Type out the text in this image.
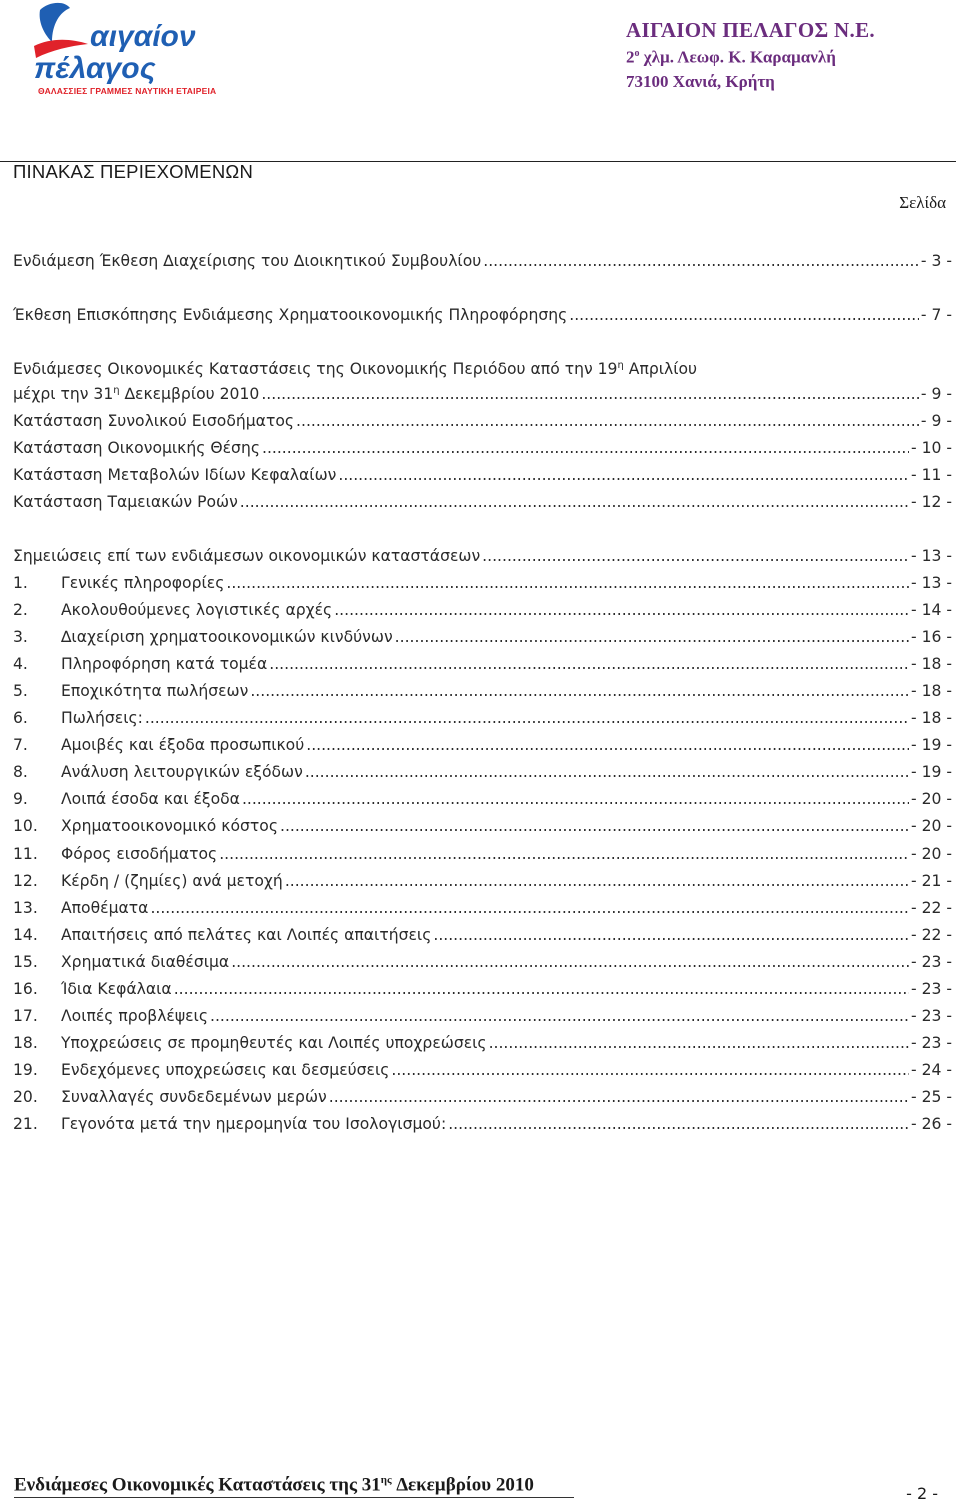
αιγαίον
πέλαγος
ΘΑΛΑΣΣΙΕΣ ΓΡΑΜΜΕΣ ΝΑΥΤΙΚΗ ΕΤΑΙΡΕΙΑ
ΑΙΓΑΙΟΝ ΠΕΛΑΓΟΣ Ν.Ε.
$2^o$ χλµ. Λεωφ. Κ. Καραµανλή
73100 Χανιά, Κρήτη
ΠΙΝΑΚΑΣ ΠΕΡΙΕΧΟΜΕΝΩΝ
Σελίδα
Ενδιάµεση Έκθεση ∆ιαχείρισης του ∆ιοικητικού Συµβουλίου .....	- 3 -
Έκθεση Επισκόπησης Ενδιάµεσης Χρηµατοοικονοµικής Πληροφόρησης .....	- 7 -
Ενδιάµεσες Οικονοµικές Καταστάσεις της Οικονοµικής Περιόδου από την $19^\eta$ Απριλίου
µέχρι την $31^\eta$ ∆εκεµβρίου 2010 .....	- 9 -
Κατάσταση Συνολικού Εισοδήµατος .....	- 9 -
Κατάσταση Οικονοµικής Θέσης .....	- 10 -
Κατάσταση Μεταβολών Ιδίων Κεφαλαίων .....	- 11 -
Κατάσταση Ταµειακών Ροών .....	- 12 -
Σηµειώσεις επί των ενδιάµεσων οικονοµικών καταστάσεων .....	- 13 -
1.	Γενικές πληροφορίες .....	- 13 -
2.	Ακολουθούµενες λογιστικές αρχές .....	- 14 -
3.	∆ιαχείριση χρηµατοοικονοµικών κινδύνων .....	- 16 -
4.	Πληροφόρηση κατά τοµέα .....	- 18 -
5.	Εποχικότητα πωλήσεων .....	- 18 -
6.	Πωλήσεις: .....	- 18 -
7.	Αµοιβές και έξοδα προσωπικού .....	- 19 -
8.	Ανάλυση λειτουργικών εξόδων .....	- 19 -
9.	Λοιπά έσοδα και έξοδα .....	- 20 -
10.	Χρηµατοοικονοµικό κόστος .....	- 20 -
11.	Φόρος εισοδήµατος .....	- 20 -
12.	Κέρδη / (ζηµίες) ανά µετοχή .....	- 21 -
13.	Αποθέµατα .....	- 22 -
14.	Απαιτήσεις από πελάτες και Λοιπές απαιτήσεις .....	- 22 -
15.	Χρηµατικά διαθέσιµα .....	- 23 -
16.	Ίδια Κεφάλαια .....	- 23 -
17.	Λοιπές προβλέψεις .....	- 23 -
18.	Υποχρεώσεις σε προµηθευτές και Λοιπές υποχρεώσεις .....	- 23 -
19.	Ενδεχόµενες υποχρεώσεις και δεσµεύσεις .....	- 24 -
20.	Συναλλαγές συνδεδεµένων µερών .....	- 25 -
21.	Γεγονότα µετά την ηµεροµηνία του Ισολογισµού: .....	- 26 -
Ενδιάµεσες Οικονοµικές Καταστάσεις της $31^{\eta\varsigma}$ ∆εκεµβρίου 2010	- 2 -
